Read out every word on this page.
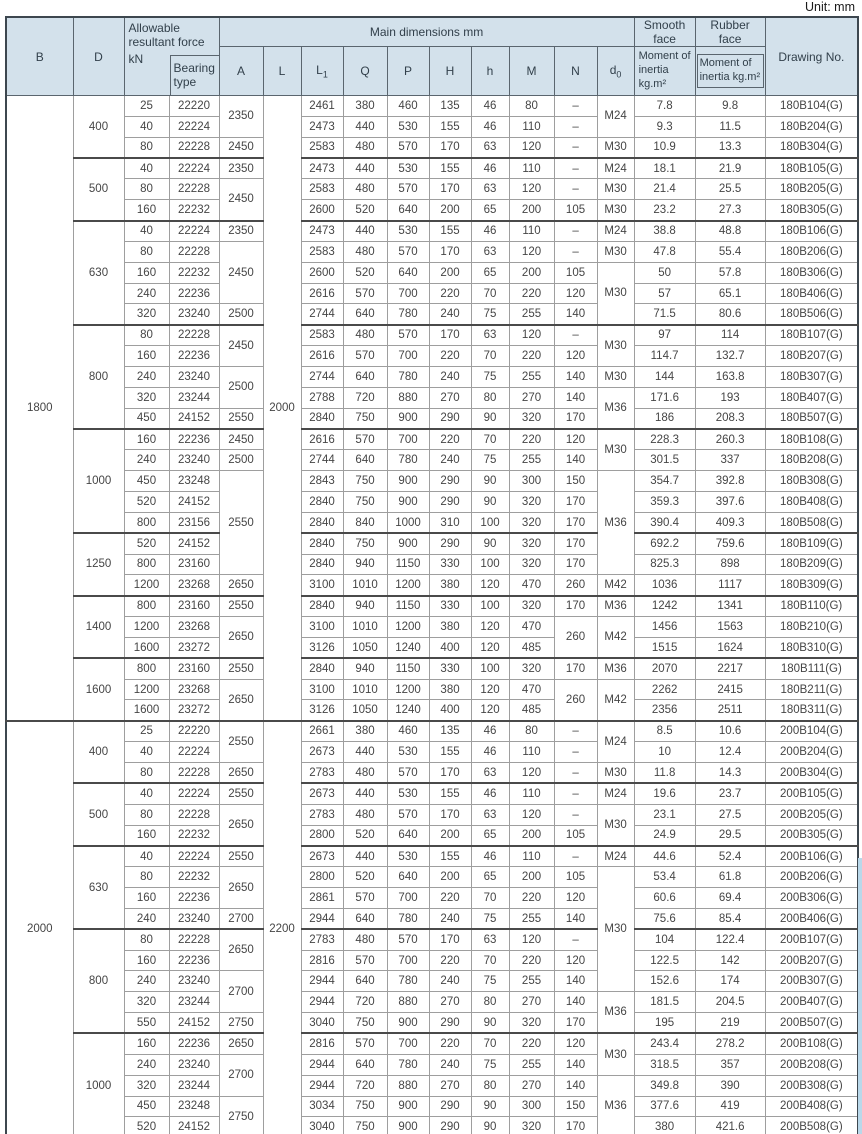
Unit: mm
B	D	Allowable resultant force
kN
Bearing type		Main dimensions mm										Smooth face	Rubber face	Drawing No.
				A	L	$L_1$	Q	P	H	h	M	N	$d_0$	Moment of inertia kg.m²	Moment of inertia kg.m²	
1800	400	25	22220	2350	2000	2461	380	460	135	46	80	–	M24	7.8	9.8	180B104(G)
		40	22224			2473	440	530	155	46	110	–		9.3	11.5	180B204(G)
		80	22228	2450		2583	480	570	170	63	120	–	M30	10.9	13.3	180B304(G)
	500	40	22224	2350		2473	440	530	155	46	110	–	M24	18.1	21.9	180B105(G)
		80	22228	2450		2583	480	570	170	63	120	–	M30	21.4	25.5	180B205(G)
		160	22232			2600	520	640	200	65	200	105	M30	23.2	27.3	180B305(G)
	630	40	22224	2350		2473	440	530	155	46	110	–	M24	38.8	48.8	180B106(G)
		80	22228	2450		2583	480	570	170	63	120	–	M30	47.8	55.4	180B206(G)
		160	22232			2600	520	640	200	65	200	105	M30	50	57.8	180B306(G)
		240	22236			2616	570	700	220	70	220	120		57	65.1	180B406(G)
		320	23240	2500		2744	640	780	240	75	255	140		71.5	80.6	180B506(G)
	800	80	22228	2450		2583	480	570	170	63	120	–	M30	97	114	180B107(G)
		160	22236			2616	570	700	220	70	220	120		114.7	132.7	180B207(G)
		240	23240	2500		2744	640	780	240	75	255	140	M30	144	163.8	180B307(G)
		320	23244			2788	720	880	270	80	270	140	M36	171.6	193	180B407(G)
		450	24152	2550		2840	750	900	290	90	320	170		186	208.3	180B507(G)
	1000	160	22236	2450		2616	570	700	220	70	220	120	M30	228.3	260.3	180B108(G)
		240	23240	2500		2744	640	780	240	75	255	140		301.5	337	180B208(G)
		450	23248	2550		2843	750	900	290	90	300	150	M36	354.7	392.8	180B308(G)
		520	24152			2840	750	900	290	90	320	170		359.3	397.6	180B408(G)
		800	23156			2840	840	1000	310	100	320	170		390.4	409.3	180B508(G)
	1250	520	24152			2840	750	900	290	90	320	170		692.2	759.6	180B109(G)
		800	23160			2840	940	1150	330	100	320	170		825.3	898	180B209(G)
		1200	23268	2650		3100	1010	1200	380	120	470	260	M42	1036	1117	180B309(G)
	1400	800	23160	2550		2840	940	1150	330	100	320	170	M36	1242	1341	180B110(G)
		1200	23268	2650		3100	1010	1200	380	120	470	260	M42	1456	1563	180B210(G)
		1600	23272			3126	1050	1240	400	120	485			1515	1624	180B310(G)
	1600	800	23160	2550		2840	940	1150	330	100	320	170	M36	2070	2217	180B111(G)
		1200	23268	2650		3100	1010	1200	380	120	470	260	M42	2262	2415	180B211(G)
		1600	23272			3126	1050	1240	400	120	485			2356	2511	180B311(G)
2000	400	25	22220	2550	2200	2661	380	460	135	46	80	–	M24	8.5	10.6	200B104(G)
		40	22224			2673	440	530	155	46	110	–		10	12.4	200B204(G)
		80	22228	2650		2783	480	570	170	63	120	–	M30	11.8	14.3	200B304(G)
	500	40	22224	2550		2673	440	530	155	46	110	–	M24	19.6	23.7	200B105(G)
		80	22228	2650		2783	480	570	170	63	120	–	M30	23.1	27.5	200B205(G)
		160	22232			2800	520	640	200	65	200	105		24.9	29.5	200B305(G)
	630	40	22224	2550		2673	440	530	155	46	110	–	M24	44.6	52.4	200B106(G)
		80	22232	2650		2800	520	640	200	65	200	105	M30	53.4	61.8	200B206(G)
		160	22236			2861	570	700	220	70	220	120		60.6	69.4	200B306(G)
		240	23240	2700		2944	640	780	240	75	255	140		75.6	85.4	200B406(G)
	800	80	22228	2650		2783	480	570	170	63	120	–		104	122.4	200B107(G)
		160	22236			2816	570	700	220	70	220	120		122.5	142	200B207(G)
		240	23240	2700		2944	640	780	240	75	255	140		152.6	174	200B307(G)
		320	23244			2944	720	880	270	80	270	140	M36	181.5	204.5	200B407(G)
		550	24152	2750		3040	750	900	290	90	320	170		195	219	200B507(G)
	1000	160	22236	2650		2816	570	700	220	70	220	120	M30	243.4	278.2	200B108(G)
		240	23240	2700		2944	640	780	240	75	255	140		318.5	357	200B208(G)
		320	23244			2944	720	880	270	80	270	140	M36	349.8	390	200B308(G)
		450	23248	2750		3034	750	900	290	90	300	150		377.6	419	200B408(G)
		520	24152			3040	750	900	290	90	320	170		380	421.6	200B508(G)
